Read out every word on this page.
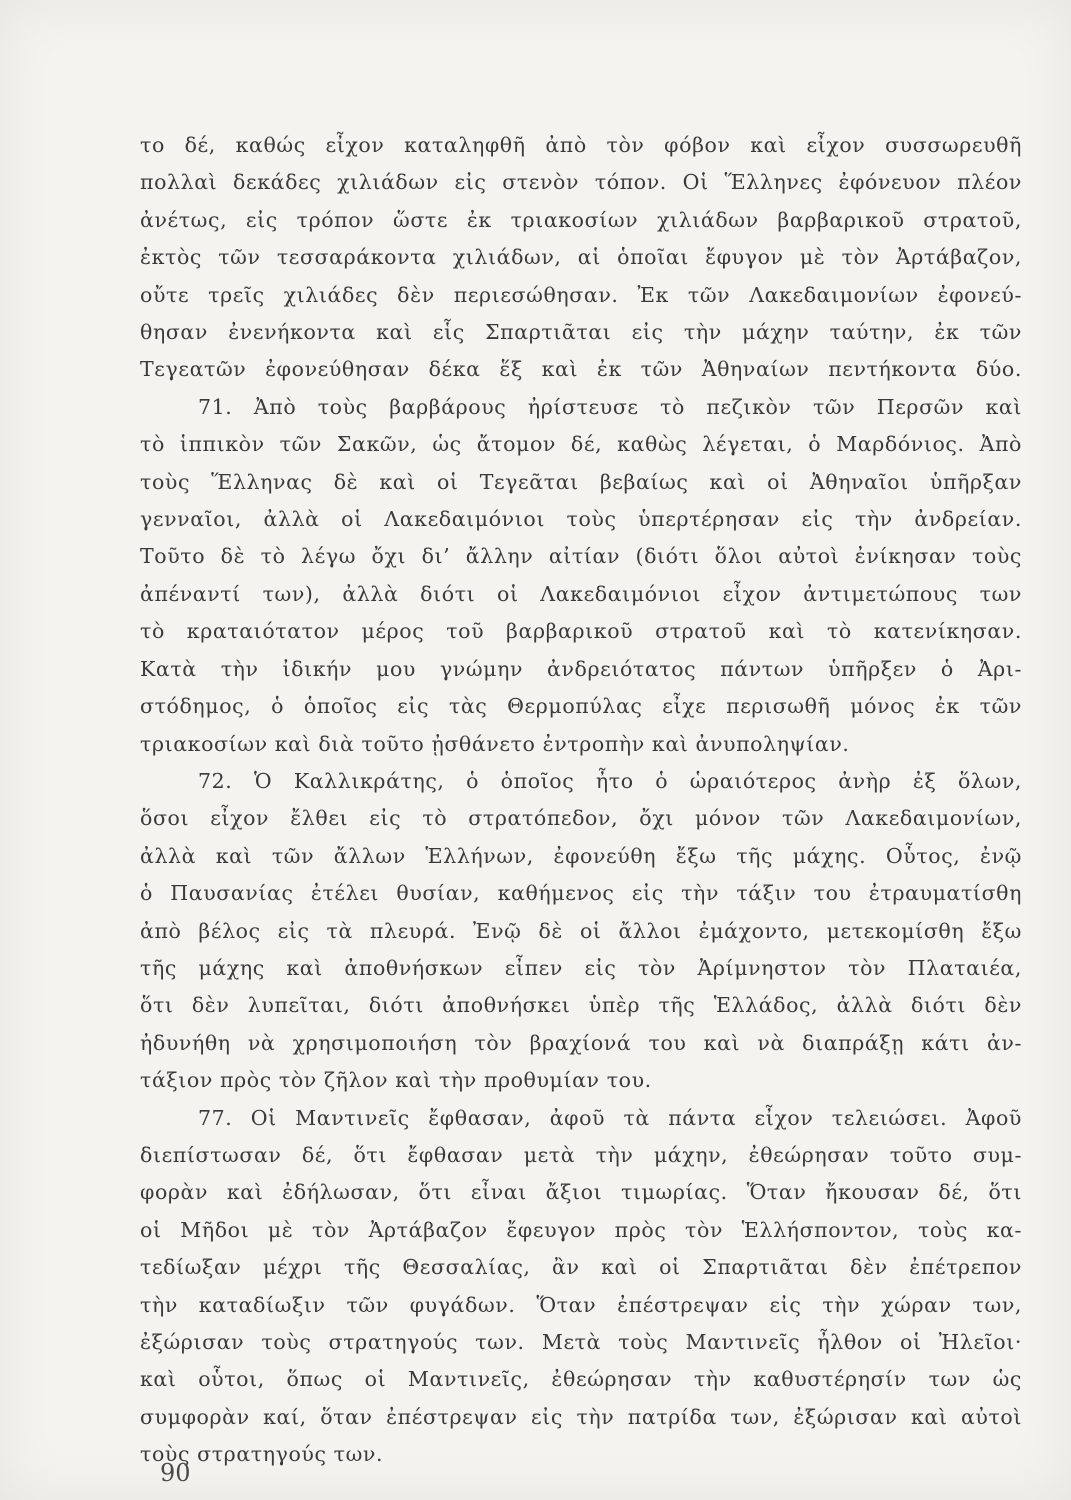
το δέ, καθώς εἶχον καταληφθῆ ἀπὸ τὸν φόβον καὶ εἶχον συσσωρευθῆ
πολλαὶ δεκάδες χιλιάδων εἰς στενὸν τόπον. Οἱ Ἕλληνες ἐφόνευον πλέον
ἀνέτως, εἰς τρόπον ὥστε ἐκ τριακοσίων χιλιάδων βαρβαρικοῦ στρατοῦ,
ἐκτὸς τῶν τεσσαράκοντα χιλιάδων, αἱ ὁποῖαι ἔφυγον μὲ τὸν Ἀρτάβαζον,
οὔτε τρεῖς χιλιάδες δὲν περιεσώθησαν. Ἐκ τῶν Λακεδαιμονίων ἐφονεύ-
θησαν ἐνενήκοντα καὶ εἷς Σπαρτιᾶται εἰς τὴν μάχην ταύτην, ἐκ τῶν
Τεγεατῶν ἐφονεύθησαν δέκα ἕξ καὶ ἐκ τῶν Ἀθηναίων πεντήκοντα δύο.
71. Ἀπὸ τοὺς βαρβάρους ἠρίστευσε τὸ πεζικὸν τῶν Περσῶν καὶ
τὸ ἱππικὸν τῶν Σακῶν, ὡς ἄτομον δέ, καθὼς λέγεται, ὁ Μαρδόνιος. Ἀπὸ
τοὺς Ἕλληνας δὲ καὶ οἱ Τεγεᾶται βεβαίως καὶ οἱ Ἀθηναῖοι ὑπῆρξαν
γενναῖοι, ἀλλὰ οἱ Λακεδαιμόνιοι τοὺς ὑπερτέρησαν εἰς τὴν ἀνδρείαν.
Τοῦτο δὲ τὸ λέγω ὄχι δι’ ἄλλην αἰτίαν (διότι ὅλοι αὐτοὶ ἐνίκησαν τοὺς
ἀπέναντί των), ἀλλὰ διότι οἱ Λακεδαιμόνιοι εἶχον ἀντιμετώπους των
τὸ κραταιότατον μέρος τοῦ βαρβαρικοῦ στρατοῦ καὶ τὸ κατενίκησαν.
Κατὰ τὴν ἰδικήν μου γνώμην ἀνδρειότατος πάντων ὑπῆρξεν ὁ Ἀρι-
στόδημος, ὁ ὁποῖος εἰς τὰς Θερμοπύλας εἶχε περισωθῆ μόνος ἐκ τῶν
τριακοσίων καὶ διὰ τοῦτο ᾐσθάνετο ἐντροπὴν καὶ ἀνυποληψίαν.
72. Ὁ Καλλικράτης, ὁ ὁποῖος ἦτο ὁ ὡραιότερος ἀνὴρ ἐξ ὅλων,
ὅσοι εἶχον ἔλθει εἰς τὸ στρατόπεδον, ὄχι μόνον τῶν Λακεδαιμονίων,
ἀλλὰ καὶ τῶν ἄλλων Ἑλλήνων, ἐφονεύθη ἔξω τῆς μάχης. Οὗτος, ἐνῷ
ὁ Παυσανίας ἐτέλει θυσίαν, καθήμενος εἰς τὴν τάξιν του ἐτραυματίσθη
ἀπὸ βέλος εἰς τὰ πλευρά. Ἐνῷ δὲ οἱ ἄλλοι ἐμάχοντο, μετεκομίσθη ἔξω
τῆς μάχης καὶ ἀποθνήσκων εἶπεν εἰς τὸν Ἀρίμνηστον τὸν Πλαταιέα,
ὅτι δὲν λυπεῖται, διότι ἀποθνήσκει ὑπὲρ τῆς Ἑλλάδος, ἀλλὰ διότι δὲν
ἠδυνήθη νὰ χρησιμοποιήση τὸν βραχίονά του καὶ νὰ διαπράξῃ κάτι ἀν-
τάξιον πρὸς τὸν ζῆλον καὶ τὴν προθυμίαν του.
77. Οἱ Μαντινεῖς ἔφθασαν, ἀφοῦ τὰ πάντα εἶχον τελειώσει. Ἀφοῦ
διεπίστωσαν δέ, ὅτι ἔφθασαν μετὰ τὴν μάχην, ἐθεώρησαν τοῦτο συμ-
φορὰν καὶ ἐδήλωσαν, ὅτι εἶναι ἄξιοι τιμωρίας. Ὅταν ἤκουσαν δέ, ὅτι
οἱ Μῆδοι μὲ τὸν Ἀρτάβαζον ἔφευγον πρὸς τὸν Ἑλλήσποντον, τοὺς κα-
τεδίωξαν μέχρι τῆς Θεσσαλίας, ἂν καὶ οἱ Σπαρτιᾶται δὲν ἐπέτρεπον
τὴν καταδίωξιν τῶν φυγάδων. Ὅταν ἐπέστρεψαν εἰς τὴν χώραν των,
ἐξώρισαν τοὺς στρατηγούς των. Μετὰ τοὺς Μαντινεῖς ἦλθον οἱ Ἠλεῖοι·
καὶ οὗτοι, ὅπως οἱ Μαντινεῖς, ἐθεώρησαν τὴν καθυστέρησίν των ὡς
συμφορὰν καί, ὅταν ἐπέστρεψαν εἰς τὴν πατρίδα των, ἐξώρισαν καὶ αὐτοὶ
τοὺς στρατηγούς των.
90
